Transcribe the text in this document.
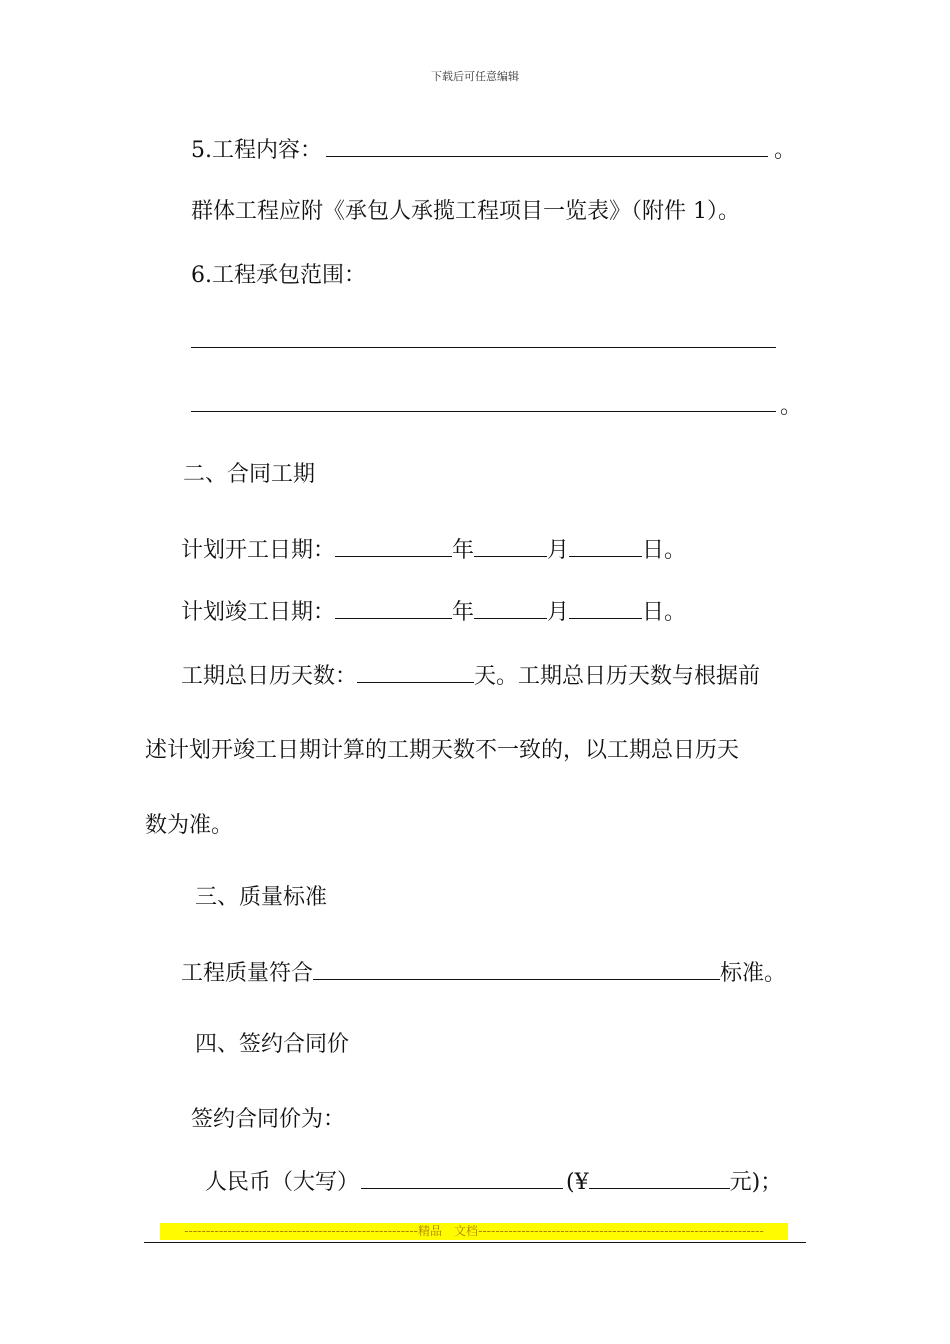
下载后可任意编辑
5.工程内容：	。
群体工程应附《承包人承揽工程项目一览表》（附件 1）。
6.工程承包范围：
。
二、合同工期
计划开工日期：	年	月	日。
计划竣工日期：	年	月	日。
工期总日历天数：	天。工期总日历天数与根据前
述计划开竣工日期计算的工期天数不一致的，以工期总日历天
数为准。
三、质量标准
工程质量符合	标准。
四、签约合同价
签约合同价为：
人民币（大写）	(¥	元)；
------------------------------------------------------精品　文档------------------------------------------------------------------
